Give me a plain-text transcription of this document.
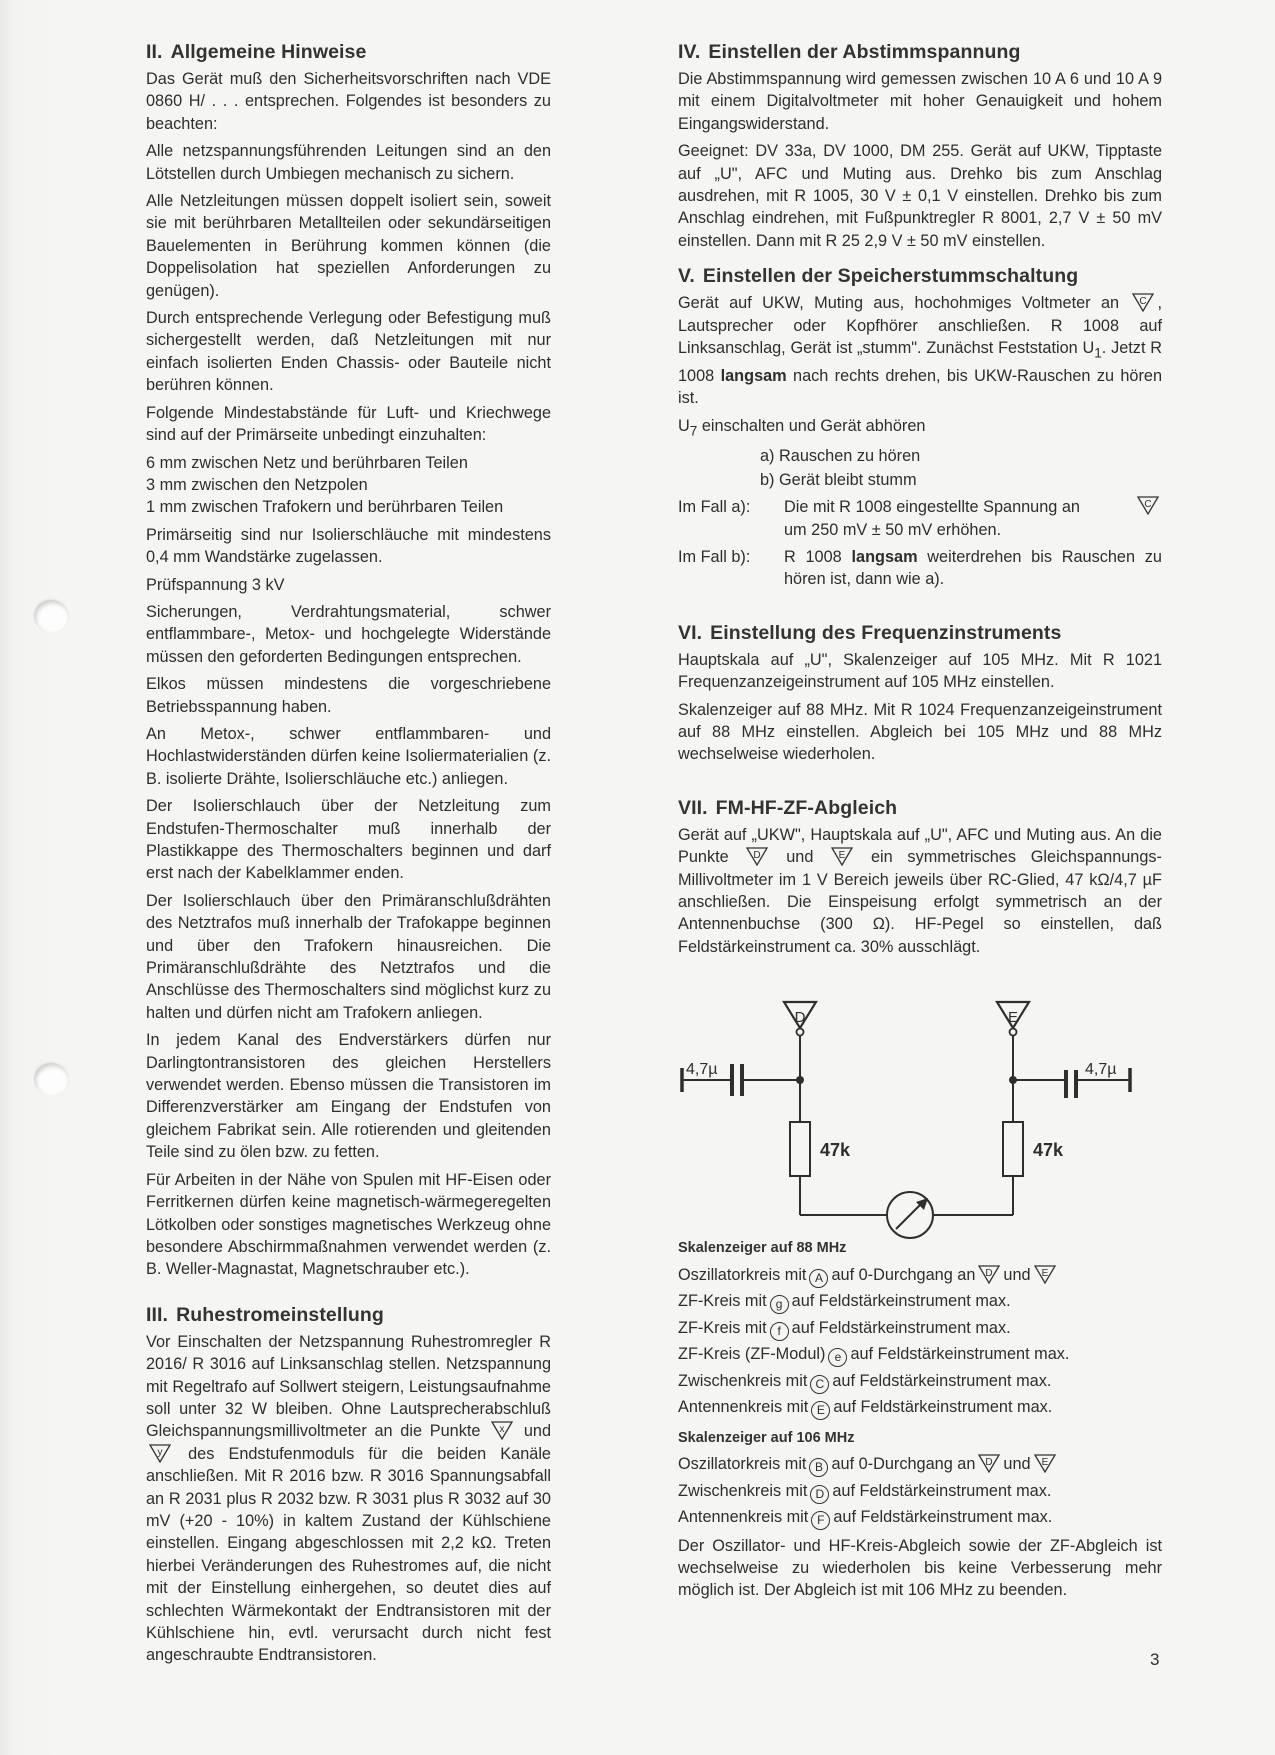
II. Allgemeine Hinweise

Das Gerät muß den Sicherheitsvorschriften nach VDE 0860 H/ . . . entsprechen. Folgendes ist besonders zu beachten:

Alle netzspannungsführenden Leitungen sind an den Lötstellen durch Umbiegen mechanisch zu sichern.

Alle Netzleitungen müssen doppelt isoliert sein, soweit sie mit berührbaren Metallteilen oder sekundärseitigen Bauelementen in Berührung kommen können (die Doppelisolation hat speziellen Anforderungen zu genügen).

Durch entsprechende Verlegung oder Befestigung muß sichergestellt werden, daß Netzleitungen mit nur einfach isolierten Enden Chassis- oder Bauteile nicht berühren können.

Folgende Mindestabstände für Luft- und Kriechwege sind auf der Primärseite unbedingt einzuhalten:

6 mm zwischen Netz und berührbaren Teilen
3 mm zwischen den Netzpolen
1 mm zwischen Trafokern und berührbaren Teilen

Primärseitig sind nur Isolierschläuche mit mindestens 0,4 mm Wandstärke zugelassen.

Prüfspannung 3 kV

Sicherungen, Verdrahtungsmaterial, schwer entflammbare-, Metox- und hochgelegte Widerstände müssen den geforderten Bedingungen entsprechen.

Elkos müssen mindestens die vorgeschriebene Betriebsspannung haben.

An Metox-, schwer entflammbaren- und Hochlastwiderständen dürfen keine Isoliermaterialien (z. B. isolierte Drähte, Isolierschläuche etc.) anliegen.

Der Isolierschlauch über der Netzleitung zum Endstufen-Thermoschalter muß innerhalb der Plastikkappe des Thermoschalters beginnen und darf erst nach der Kabelklammer enden.

Der Isolierschlauch über den Primäranschlußdrähten des Netztrafos muß innerhalb der Trafokappe beginnen und über den Trafokern hinausreichen. Die Primäranschlußdrähte des Netztrafos und die Anschlüsse des Thermoschalters sind möglichst kurz zu halten und dürfen nicht am Trafokern anliegen.

In jedem Kanal des Endverstärkers dürfen nur Darlingtontransistoren des gleichen Herstellers verwendet werden. Ebenso müssen die Transistoren im Differenzverstärker am Eingang der Endstufen von gleichem Fabrikat sein. Alle rotierenden und gleitenden Teile sind zu ölen bzw. zu fetten.

Für Arbeiten in der Nähe von Spulen mit HF-Eisen oder Ferritkernen dürfen keine magnetisch-wärmegeregelten Lötkolben oder sonstiges magnetisches Werkzeug ohne besondere Abschirmmaßnahmen verwendet werden (z. B. Weller-Magnastat, Magnetschrauber etc.).

III. Ruhestromeinstellung

Vor Einschalten der Netzspannung Ruhestromregler R 2016/ R 3016 auf Linksanschlag stellen. Netzspannung mit Regeltrafo auf Sollwert steigern, Leistungsaufnahme soll unter 32 W bleiben. Ohne Lautsprecherabschluß Gleichspannungsmillivoltmeter an die Punkte x und
y des Endstufenmoduls für die beiden Kanäle anschließen. Mit R 2016 bzw. R 3016 Spannungsabfall an R 2031 plus R 2032 bzw. R 3031 plus R 3032 auf 30 mV (+20 - 10%) in kaltem Zustand der Kühlschiene einstellen. Eingang abgeschlossen mit 2,2 kΩ. Treten hierbei Veränderungen des Ruhestromes auf, die nicht mit der Einstellung einhergehen, so deutet dies auf schlechten Wärmekontakt der Endtransistoren mit der Kühlschiene hin, evtl. verursacht durch nicht fest angeschraubte Endtransistoren.

IV. Einstellen der Abstimmspannung

Die Abstimmspannung wird gemessen zwischen 10 A 6 und 10 A 9 mit einem Digitalvoltmeter mit hoher Genauigkeit und hohem Eingangswiderstand.

Geeignet: DV 33a, DV 1000, DM 255. Gerät auf UKW, Tipptaste auf „U", AFC und Muting aus. Drehko bis zum Anschlag ausdrehen, mit R 1005, 30 V ± 0,1 V einstellen. Drehko bis zum Anschlag eindrehen, mit Fußpunktregler R 8001, 2,7 V ± 50 mV einstellen. Dann mit R 25 2,9 V ± 50 mV einstellen.

V. Einstellen der Speicherstummschaltung

Gerät auf UKW, Muting aus, hochohmiges Voltmeter an C , Lautsprecher oder Kopfhörer anschließen. R 1008 auf Linksanschlag, Gerät ist „stumm". Zunächst Feststation $U_1$. Jetzt R 1008 langsam nach rechts drehen, bis UKW-Rauschen zu hören ist.

$U_7$ einschalten und Gerät abhören

a) Rauschen zu hören
b) Gerät bleibt stumm
Im Fall a):	Die mit R 1008 eingestellte Spannung an	C

um 250 mV ± 50 mV erhöhen.
Im Fall b):	R 1008 langsam weiterdrehen bis Rauschen zu hören ist, dann wie a).
VI. Einstellung des Frequenzinstruments

Hauptskala auf „U", Skalenzeiger auf 105 MHz. Mit R 1021 Frequenzanzeigeinstrument auf 105 MHz einstellen.

Skalenzeiger auf 88 MHz. Mit R 1024 Frequenzanzeigeinstrument auf 88 MHz einstellen. Abgleich bei 105 MHz und 88 MHz wechselweise wiederholen.

VII. FM-HF-ZF-Abgleich

Gerät auf „UKW", Hauptskala auf „U", AFC und Muting aus. An die Punkte	D und	E ein symmetrisches Gleichspannungs-Millivoltmeter im 1 V Bereich jeweils über RC-Glied, 47 kΩ/4,7 µF anschließen. Die Einspeisung erfolgt symmetrisch an der Antennenbuchse (300 Ω). HF-Pegel so einstellen, daß Feldstärkeinstrument ca. 30% ausschlägt.

Skalenzeiger auf 88 MHz
Oszillatorkreis mit A auf 0-Durchgang an D und E
ZF-Kreis mit g auf Feldstärkeinstrument max.
ZF-Kreis mit f auf Feldstärkeinstrument max.
ZF-Kreis (ZF-Modul) e auf Feldstärkeinstrument max.
Zwischenkreis mit C auf Feldstärkeinstrument max.
Antennenkreis mit E auf Feldstärkeinstrument max.
Skalenzeiger auf 106 MHz
Oszillatorkreis mit B auf 0-Durchgang an D und E
Zwischenkreis mit D auf Feldstärkeinstrument max.
Antennenkreis mit F auf Feldstärkeinstrument max.

Der Oszillator- und HF-Kreis-Abgleich sowie der ZF-Abgleich ist wechselweise zu wiederholen bis keine Verbesserung mehr möglich ist. Der Abgleich ist mit 106 MHz zu beenden.

D	E
4,7µ	4,7µ
47k	47k
3
